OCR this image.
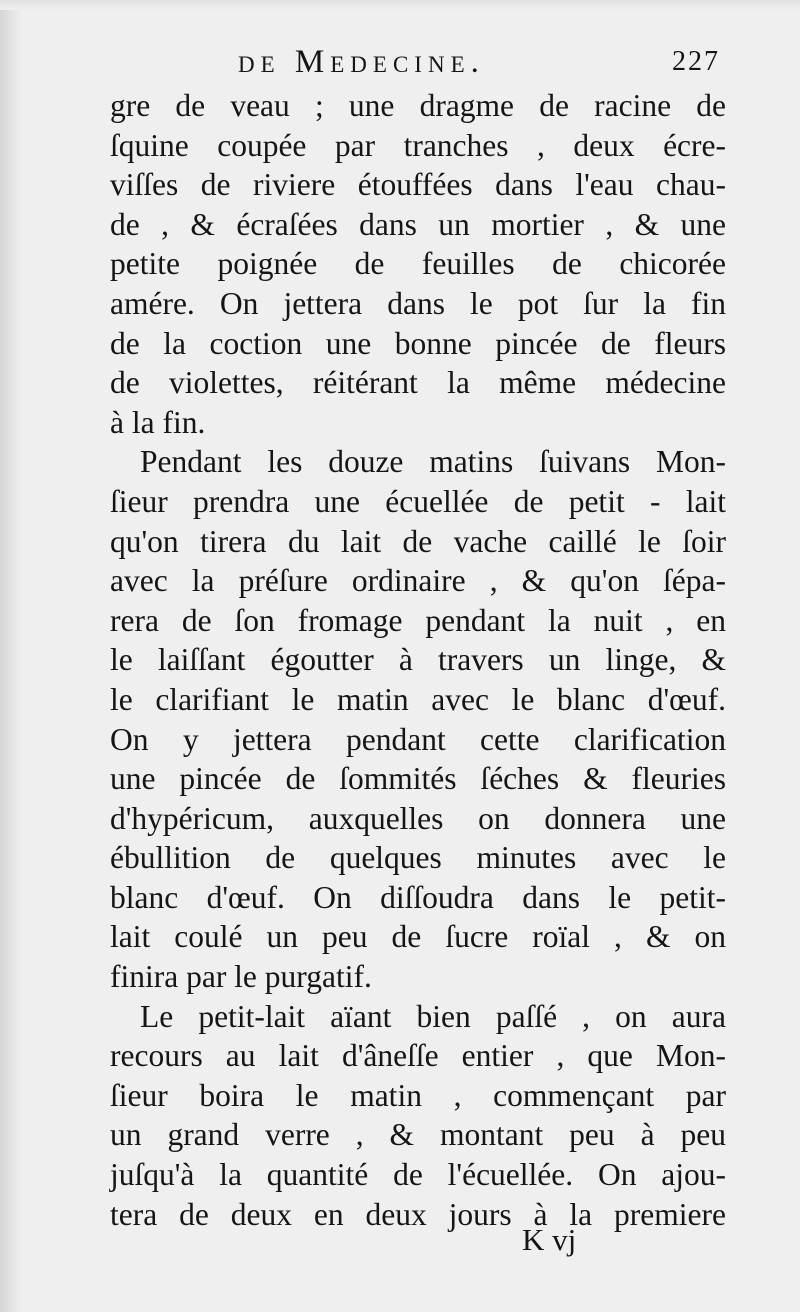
de Medecine.	227
gre de veau ; une dragme de racine de
ſquine coupée par tranches , deux écre-
viſſes de riviere étouffées dans l'eau chau-
de , & écraſées dans un mortier , & une
petite poignée de feuilles de chicorée
amére. On jettera dans le pot ſur la fin
de la coction une bonne pincée de fleurs
de violettes, réitérant la même médecine
à la fin.
Pendant les douze matins ſuivans Mon-
ſieur prendra une écuellée de petit - lait
qu'on tirera du lait de vache caillé le ſoir
avec la préſure ordinaire , & qu'on ſépa-
rera de ſon fromage pendant la nuit , en
le laiſſant égoutter à travers un linge, &
le clarifiant le matin avec le blanc d'œuf.
On y jettera pendant cette clarification
une pincée de ſommités ſéches & fleuries
d'hypéricum, auxquelles on donnera une
ébullition de quelques minutes avec le
blanc d'œuf. On diſſoudra dans le petit-
lait coulé un peu de ſucre roïal , & on
finira par le purgatif.
Le petit-lait aïant bien paſſé , on aura
recours au lait d'âneſſe entier , que Mon-
ſieur boira le matin , commençant par
un grand verre , & montant peu à peu
juſqu'à la quantité de l'écuellée. On ajou-
tera de deux en deux jours à la premiere
K vj
